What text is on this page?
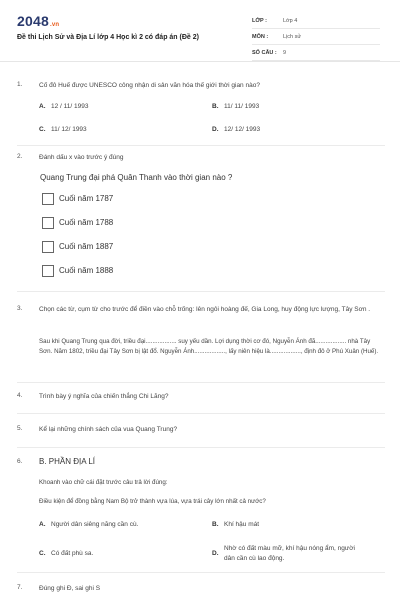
2048.vn
Đề thi Lịch Sử và Địa Lí lớp 4 Học kì 2 có đáp án (Đề 2)
LỚP :	Lớp 4
MÔN :	Lịch sử
SỐ CÂU : 9
1.	Cố đô Huế được UNESCO công nhận di sản văn hóa thế giới thời gian nào?
A. 12 / 11/ 1993	B. 11/ 11/ 1993
C. 11/ 12/ 1993	D. 12/ 12/ 1993
2.	Đánh dấu x vào trước ý đúng
Quang Trung đại phá Quân Thanh vào thời gian nào ?
Cuối năm 1787
Cuối năm 1788
Cuối năm 1887
Cuối năm 1888
3.	Chọn các từ, cụm từ cho trước để điền vào chỗ trống: lên ngôi hoàng đế, Gia Long, huy động lực lượng, Tây Sơn .
Sau khi Quang Trung qua đời, triều đại.................. suy yếu dần. Lợi dụng thời cơ đó, Nguyễn Ánh đã.................. nhà Tây Sơn. Năm 1802, triều đại Tây Sơn bị lật đổ. Nguyễn Ánh.................., lấy niên hiệu là.................., định đô ở Phú Xuân (Huế).
4.	Trình bày ý nghĩa của chiến thắng Chi Lăng?
5.	Kể lại những chính sách của vua Quang Trung?
6. B. PHẦN ĐỊA LÍ
Khoanh vào chữ cái đặt trước câu trả lời đúng:
Điều kiện để đồng bằng Nam Bộ trở thành vựa lúa, vựa trái cây lớn nhất cả nước?
A. Người dân siêng năng cần cù.	B. Khí hậu mát
C. Có đất phù sa.	D.
Nhờ có đất màu mỡ, khí hậu nóng ẩm, người dân cần cù lao động.
7.	Đúng ghi Đ, sai ghi S
